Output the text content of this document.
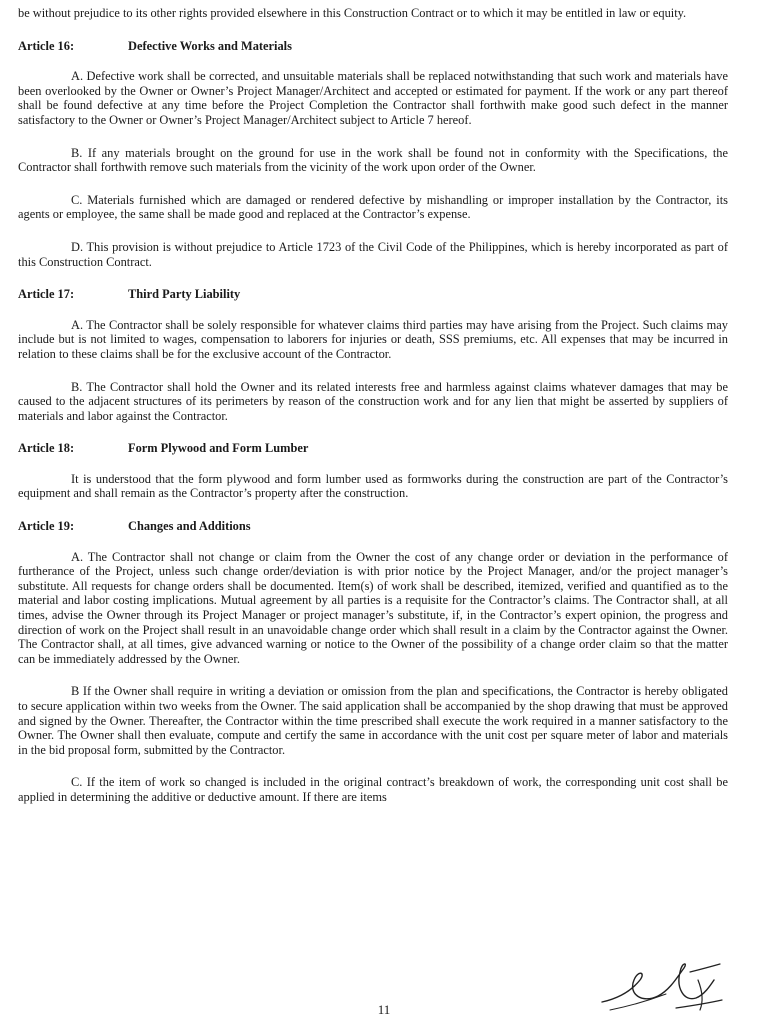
be without prejudice to its other rights provided elsewhere in this Construction Contract or to which it may be entitled in law or equity.

Article 16:	Defective Works and Materials

A. Defective work shall be corrected, and unsuitable materials shall be replaced notwithstanding that such work and materials have been overlooked by the Owner or Owner’s Project Manager/Architect and accepted or estimated for payment. If the work or any part thereof shall be found defective at any time before the Project Completion the Contractor shall forthwith make good such defect in the manner satisfactory to the Owner or Owner’s Project Manager/Architect subject to Article 7 hereof.

B. If any materials brought on the ground for use in the work shall be found not in conformity with the Specifications, the Contractor shall forthwith remove such materials from the vicinity of the work upon order of the Owner.

C. Materials furnished which are damaged or rendered defective by mishandling or improper installation by the Contractor, its agents or employee, the same shall be made good and replaced at the Contractor’s expense.

D. This provision is without prejudice to Article 1723 of the Civil Code of the Philippines, which is hereby incorporated as part of this Construction Contract.

Article 17:	Third Party Liability

A. The Contractor shall be solely responsible for whatever claims third parties may have arising from the Project. Such claims may include but is not limited to wages, compensation to laborers for injuries or death, SSS premiums, etc. All expenses that may be incurred in relation to these claims shall be for the exclusive account of the Contractor.

B. The Contractor shall hold the Owner and its related interests free and harmless against claims whatever damages that may be caused to the adjacent structures of its perimeters by reason of the construction work and for any lien that might be asserted by suppliers of materials and labor against the Contractor.

Article 18:	Form Plywood and Form Lumber

It is understood that the form plywood and form lumber used as formworks during the construction are part of the Contractor’s equipment and shall remain as the Contractor’s property after the construction.

Article 19:	Changes and Additions

A. The Contractor shall not change or claim from the Owner the cost of any change order or deviation in the performance of furtherance of the Project, unless such change order/deviation is with prior notice by the Project Manager, and/or the project manager’s substitute. All requests for change orders shall be documented. Item(s) of work shall be described, itemized, verified and quantified as to the material and labor costing implications. Mutual agreement by all parties is a requisite for the Contractor’s claims. The Contractor shall, at all times, advise the Owner through its Project Manager or project manager’s substitute, if, in the Contractor’s expert opinion, the progress and direction of work on the Project shall result in an unavoidable change order which shall result in a claim by the Contractor against the Owner. The Contractor shall, at all times, give advanced warning or notice to the Owner of the possibility of a change order claim so that the matter can be immediately addressed by the Owner.

B If the Owner shall require in writing a deviation or omission from the plan and specifications, the Contractor is hereby obligated to secure application within two weeks from the Owner. The said application shall be accompanied by the shop drawing that must be approved and signed by the Owner. Thereafter, the Contractor within the time prescribed shall execute the work required in a manner satisfactory to the Owner. The Owner shall then evaluate, compute and certify the same in accordance with the unit cost per square meter of labor and materials in the bid proposal form, submitted by the Contractor.

C. If the item of work so changed is included in the original contract’s breakdown of work, the corresponding unit cost shall be applied in determining the additive or deductive amount. If there are items

11
